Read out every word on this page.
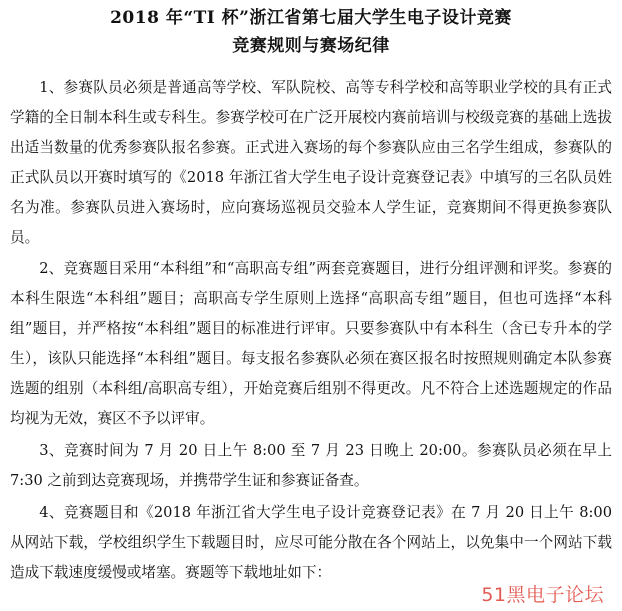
2018 年“TI 杯”浙江省第七届大学生电子设计竞赛
竞赛规则与赛场纪律

1、参赛队员必须是普通高等学校、军队院校、高等专科学校和高等职业学校的具有正式学籍的全日制本科生或专科生。参赛学校可在广泛开展校内赛前培训与校级竞赛的基础上选拔出适当数量的优秀参赛队报名参赛。正式进入赛场的每个参赛队应由三名学生组成，参赛队的正式队员以开赛时填写的《2018 年浙江省大学生电子设计竞赛登记表》中填写的三名队员姓名为准。参赛队员进入赛场时，应向赛场巡视员交验本人学生证，竞赛期间不得更换参赛队员。

2、竞赛题目采用“本科组”和“高职高专组”两套竞赛题目，进行分组评测和评奖。参赛的本科生限选“本科组”题目；高职高专学生原则上选择“高职高专组”题目，但也可选择“本科组”题目，并严格按“本科组”题目的标准进行评审。只要参赛队中有本科生（含已专升本的学生），该队只能选择“本科组”题目。每支报名参赛队必须在赛区报名时按照规则确定本队参赛选题的组别（本科组/高职高专组），开始竞赛后组别不得更改。凡不符合上述选题规定的作品均视为无效，赛区不予以评审。

3、竞赛时间为 7 月 20 日上午 8:00 至 7 月 23 日晚上 20:00。参赛队员必须在早上 7:30 之前到达竞赛现场，并携带学生证和参赛证备查。

4、竞赛题目和《2018 年浙江省大学生电子设计竞赛登记表》在 7 月 20 日上午 8:00 从网站下载，学校组织学生下载题目时，应尽可能分散在各个网站上，以免集中一个网站下载造成下载速度缓慢或堵塞。赛题等下载地址如下：

51黑电子论坛
